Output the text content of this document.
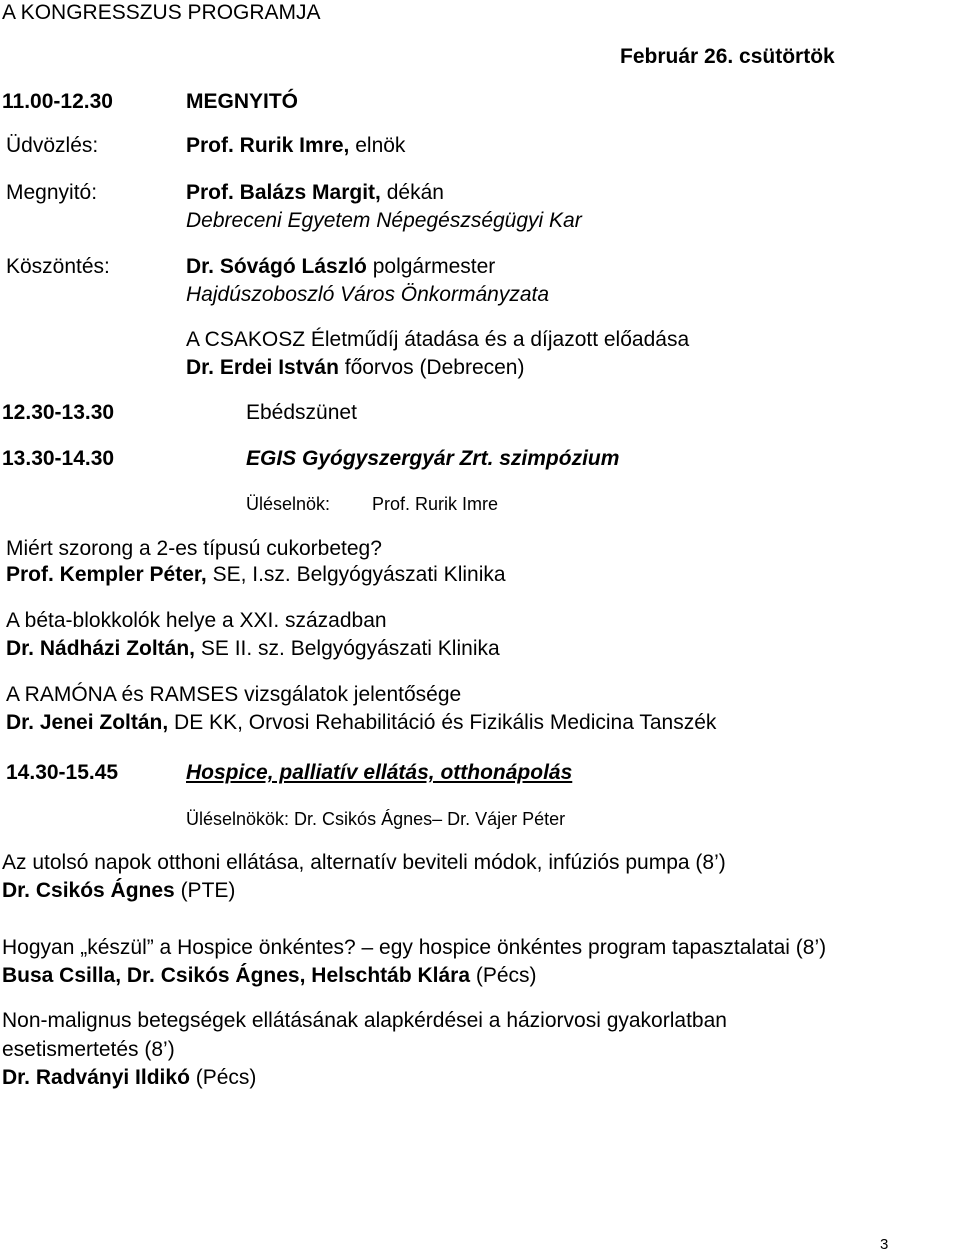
A KONGRESSZUS PROGRAMJA
Február 26. csütörtök
11.00-12.30	MEGNYITÓ
Üdvözlés:	Prof. Rurik Imre, elnök
Megnyitó:	Prof. Balázs Margit, dékán
Debreceni Egyetem Népegészségügyi Kar
Köszöntés:	Dr. Sóvágó László polgármester
Hajdúszoboszló Város Önkormányzata
A CSAKOSZ Életműdíj átadása és a díjazott előadása
Dr. Erdei István főorvos (Debrecen)
12.30-13.30	Ebédszünet
13.30-14.30	EGIS Gyógyszergyár Zrt. szimpózium
Üléselnök: Prof. Rurik Imre
Miért szorong a 2-es típusú cukorbeteg?
Prof. Kempler Péter, SE, I.sz. Belgyógyászati Klinika
A béta-blokkolók helye a XXI. században
Dr. Nádházi Zoltán, SE II. sz. Belgyógyászati Klinika
A RAMÓNA és RAMSES vizsgálatok jelentősége
Dr. Jenei Zoltán, DE KK, Orvosi Rehabilitáció és Fizikális Medicina Tanszék
14.30-15.45	Hospice, palliatív ellátás, otthonápolás
Üléselnökök: Dr. Csikós Ágnes– Dr. Vájer Péter
Az utolsó napok otthoni ellátása, alternatív beviteli módok, infúziós pumpa (8’)
Dr. Csikós Ágnes (PTE)
Hogyan „készül” a Hospice önkéntes? – egy hospice önkéntes program tapasztalatai (8’)
Busa Csilla, Dr. Csikós Ágnes, Helschtáb Klára (Pécs)
Non-malignus betegségek ellátásának alapkérdései a háziorvosi gyakorlatban
esetismertetés (8’)
Dr. Radványi Ildikó (Pécs)
3
